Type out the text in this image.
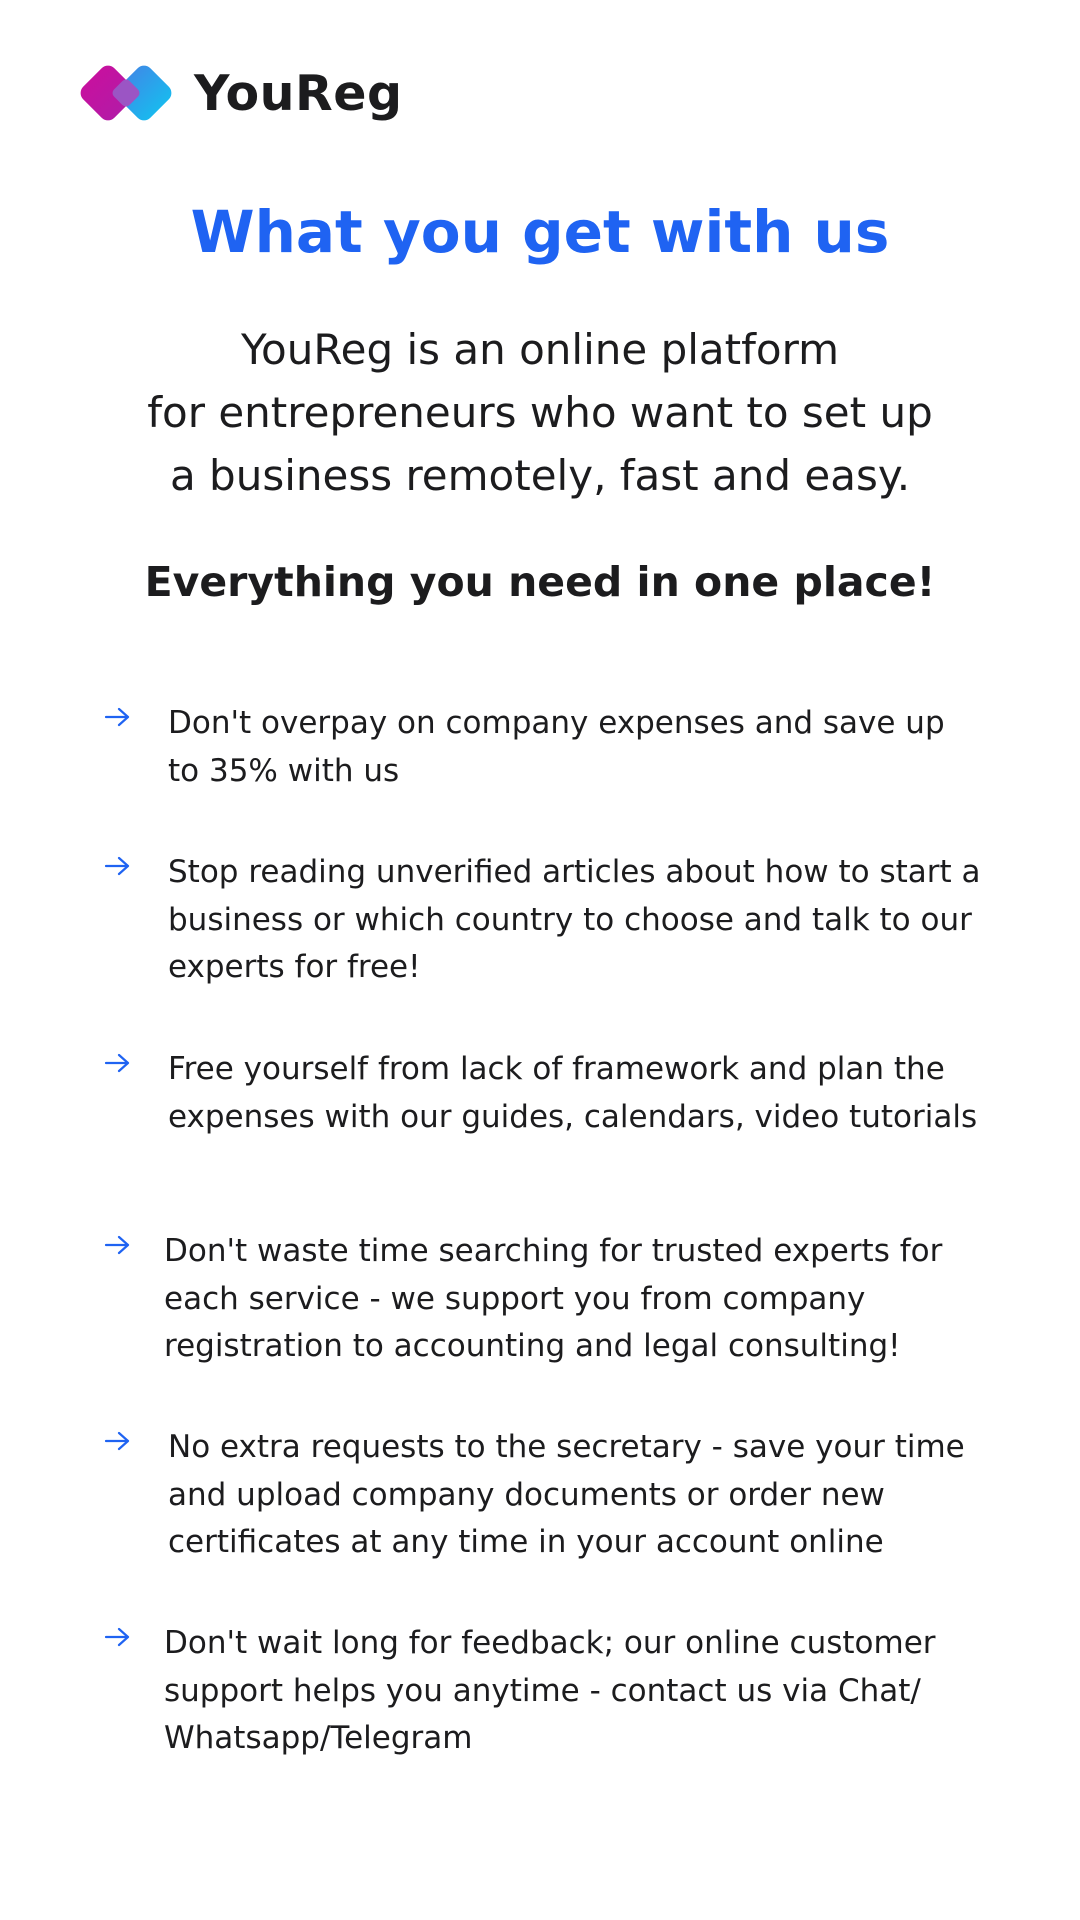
YouReg
What you get with us
YouReg is an online platform
for entrepreneurs who want to set up
a business remotely, fast and easy.
Everything you need in one place!
Don't overpay on company expenses and save up to 35% with us
Stop reading unverified articles about how to start a business or which country to choose and talk to our experts for free!
Free yourself from lack of framework and plan the expenses with our guides, calendars, video tutorials
Don't waste time searching for trusted experts for each service - we support you from company registration to accounting and legal consulting!
No extra requests to the secretary - save your time and upload company documents or order new certificates at any time in your account online
Don't wait long for feedback; our online customer support helps you anytime - contact us via Chat/ Whatsapp/Telegram
